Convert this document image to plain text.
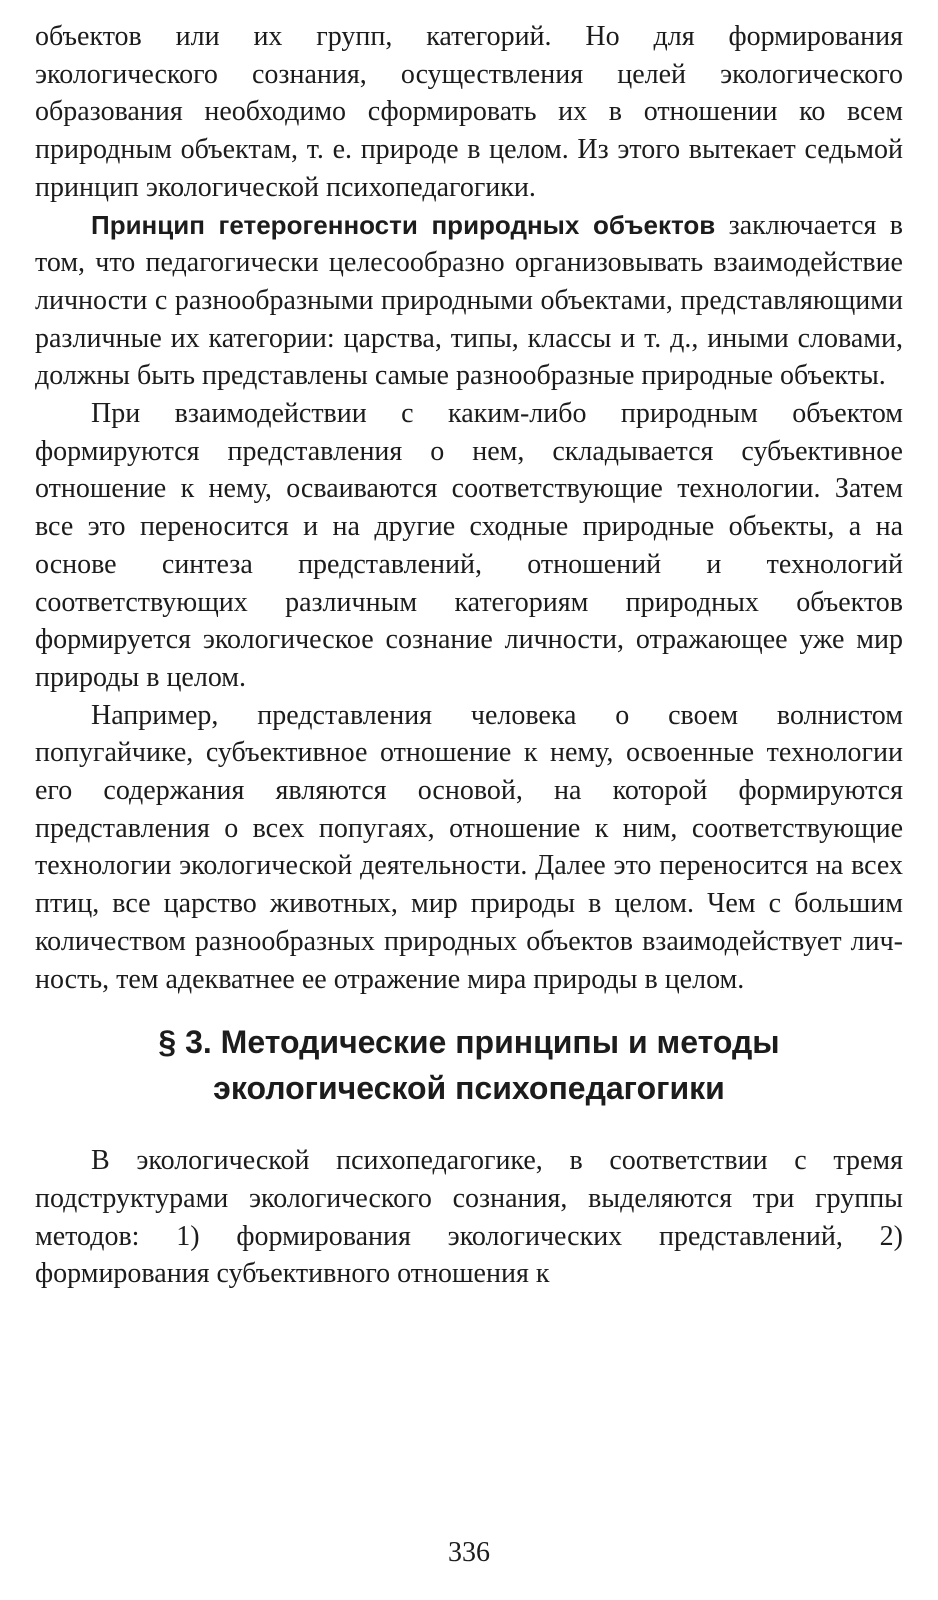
объектов или их групп, категорий. Но для формирования экологического сознания, осуществления целей экологического образования необходимо сформировать их в отношении ко всем природным объектам, т. е. природе в целом. Из этого вытекает седьмой принцип экологической психопедагогики.

Принцип гетерогенности природных объектов заключается в том, что педагогически целесообразно организовывать взаимодействие личности с разнообразными природными объектами, представляющими различные их категории: царства, типы, классы и т. д., иными словами, должны быть представлены самые разнообразные природные объекты.

При взаимодействии с каким-либо природным объектом формируются представления о нем, складывается субъективное отношение к нему, осваиваются соответствующие технологии. Затем все это переносится и на другие сходные природные объекты, а на основе синтеза представлений, отношений и технологий соответствующих различным категориям природных объектов формируется экологическое сознание личности, отражающее уже мир природы в целом.

Например, представления человека о своем волнистом попугайчике, субъективное отношение к нему, освоенные технологии его содержания являются основой, на которой формируются представления о всех попугаях, отношение к ним, соответствующие технологии экологической деятельности. Далее это переносится на всех птиц, все царство животных, мир природы в целом. Чем с большим количеством разнообразных природных объектов взаимодействует личность, тем адекватнее ее отражение мира природы в целом.

§ 3. Методические принципы и методы
экологической психопедагогики

В экологической психопедагогике, в соответствии с тремя подструктурами экологического сознания, выделяются три группы методов: 1) формирования экологических представлений, 2) формирования субъективного отношения к

336
